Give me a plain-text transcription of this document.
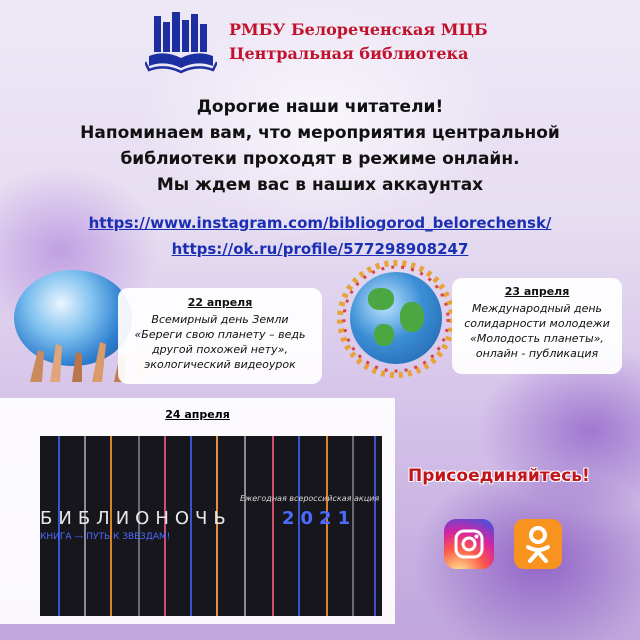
РМБУ Белореченская МЦБ
Центральная библиотека
Дорогие наши читатели!
Напоминаем вам, что мероприятия центральной
библиотеки проходят в режиме онлайн.
Мы ждем вас в наших аккаунтах
https://www.instagram.com/bibliogorod_belorechensk/
https://ok.ru/profile/577298908247
22 апреля
Всемирный день Земли
«Береги свою планету – ведь
другой похожей нету»,
экологический видеоурок
23 апреля
Международный день
солидарности молодежи
«Молодость планеты»,
онлайн - публикация
24 апреля
Ежегодная всероссийская акция
БИБЛИОНОЧЬ	2021
КНИГА — ПУТЬ К ЗВЕЗДАМ!
Присоединяйтесь!
